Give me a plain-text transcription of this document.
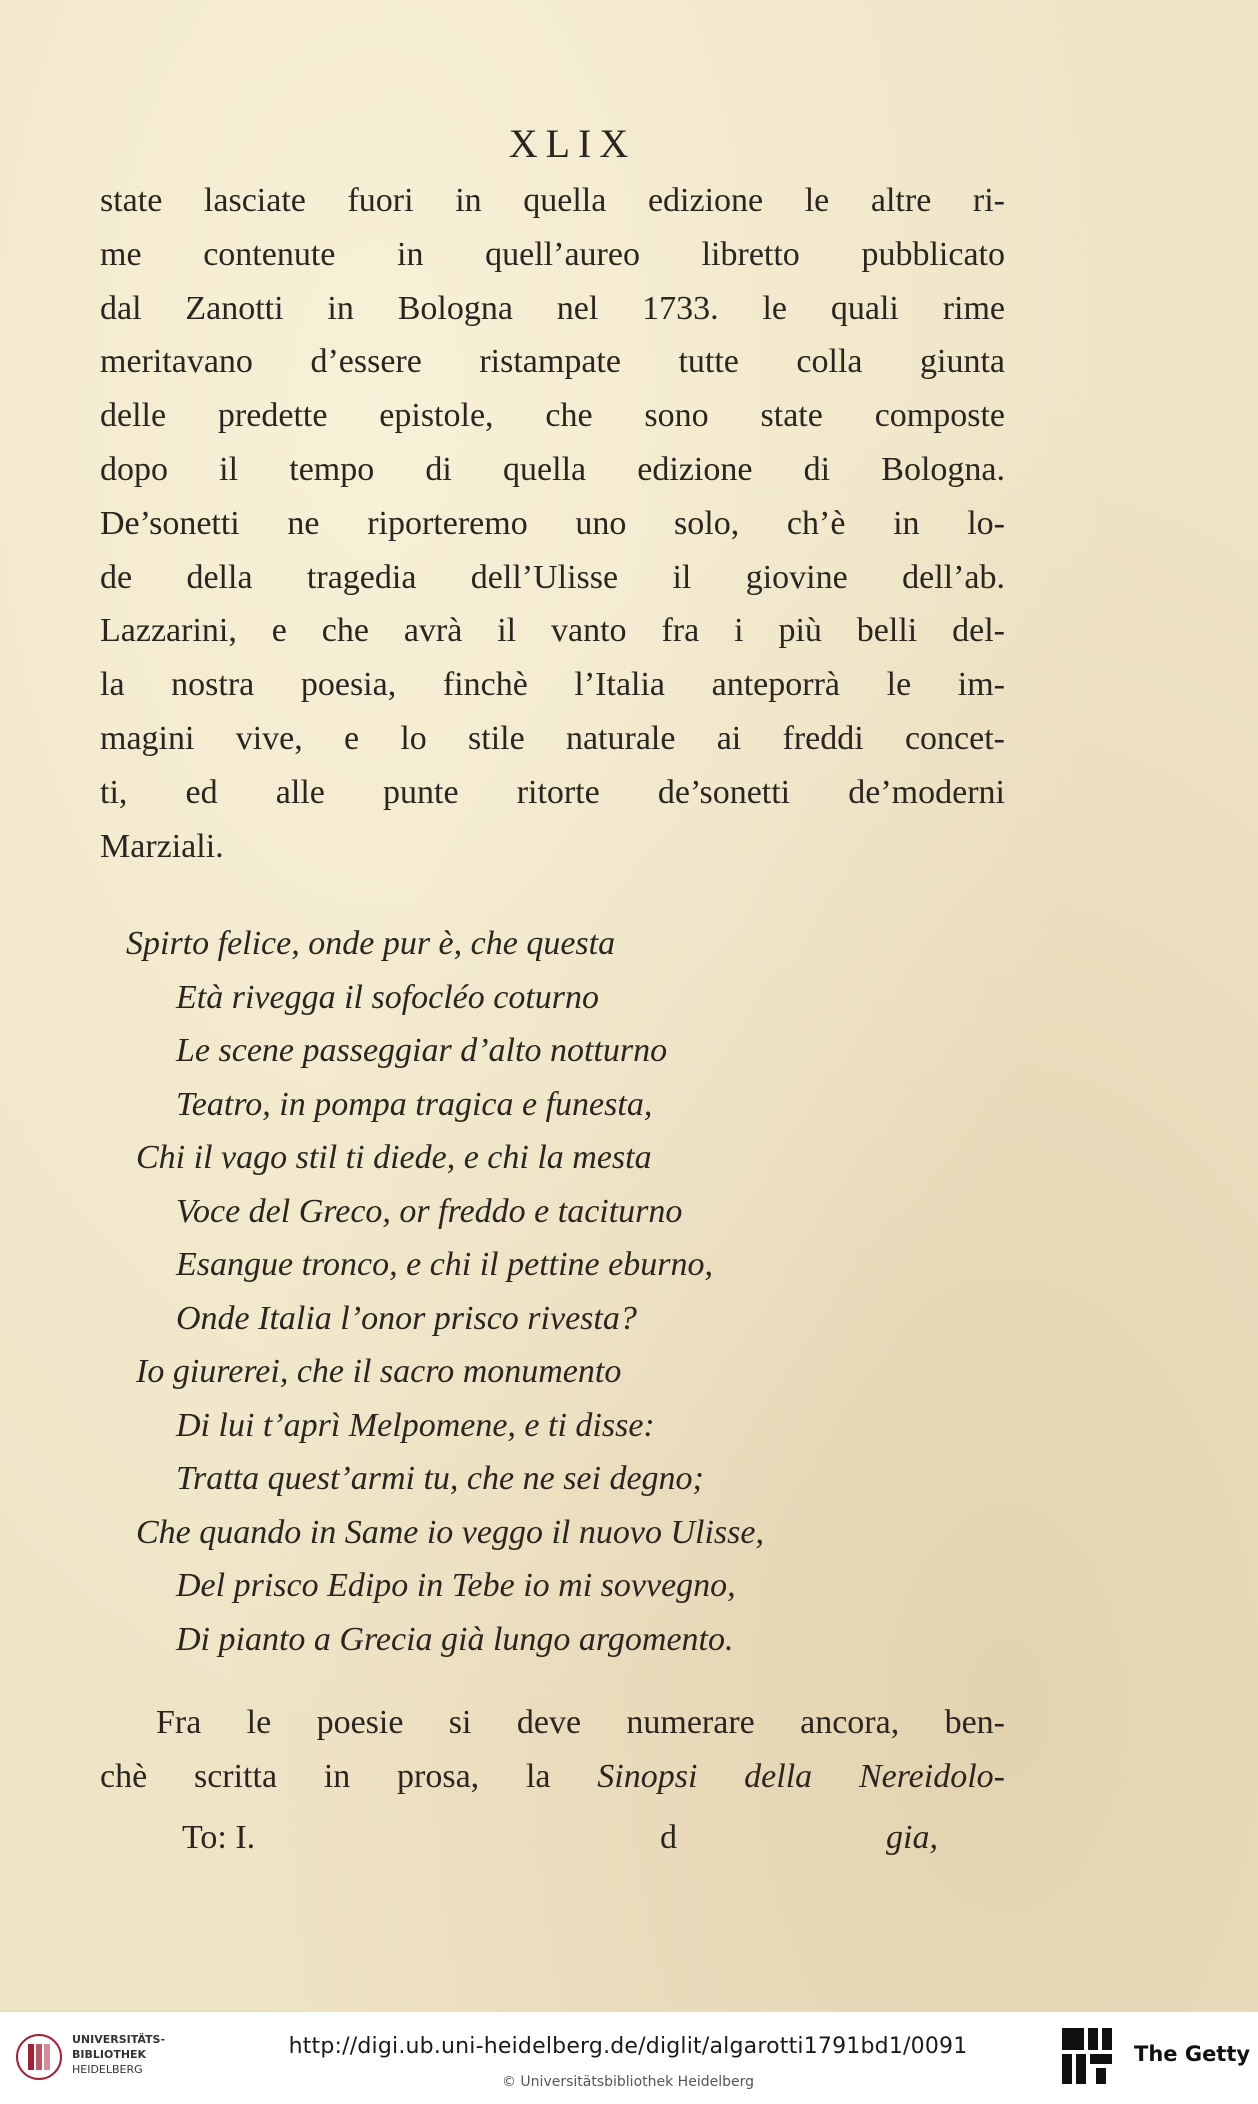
XLIX

state lasciate fuori in quella edizione le altre ri-

me contenute in quell’aureo libretto pubblicato

dal Zanotti in Bologna nel 1733. le quali rime

meritavano d’essere ristampate tutte colla giunta

delle predette epistole, che sono state composte

dopo il tempo di quella edizione di Bologna.

De’sonetti ne riporteremo uno solo, ch’è in lo-

de della tragedia dell’Ulisse il giovine dell’ab.

Lazzarini, e che avrà il vanto fra i più belli del-

la nostra poesia, finchè l’Italia anteporrà le im-

magini vive, e lo stile naturale ai freddi concet-

ti, ed alle punte ritorte de’sonetti de’moderni

Marziali.

Spirto felice, onde pur è, che questa
Età rivegga il sofocléo coturno
Le scene passeggiar d’alto notturno
Teatro, in pompa tragica e funesta,
Chi il vago stil ti diede, e chi la mesta
Voce del Greco, or freddo e taciturno
Esangue tronco, e chi il pettine eburno,
Onde Italia l’onor prisco rivesta?
Io giurerei, che il sacro monumento
Di lui t’aprì Melpomene, e ti disse:
Tratta quest’armi tu, che ne sei degno;
Che quando in Same io veggo il nuovo Ulisse,
Del prisco Edipo in Tebe io mi sovvegno,
Di pianto a Grecia già lungo argomento.

Fra le poesie si deve numerare ancora, ben-

chè scritta in prosa, la Sinopsi della Nereidolo-

To: I.	d	gia,
UNIVERSITÄTS-
BIBLIOTHEK
HEIDELBERG
http://digi.ub.uni-heidelberg.de/diglit/algarotti1791bd1/0091
© Universitätsbibliothek Heidelberg
The Getty
